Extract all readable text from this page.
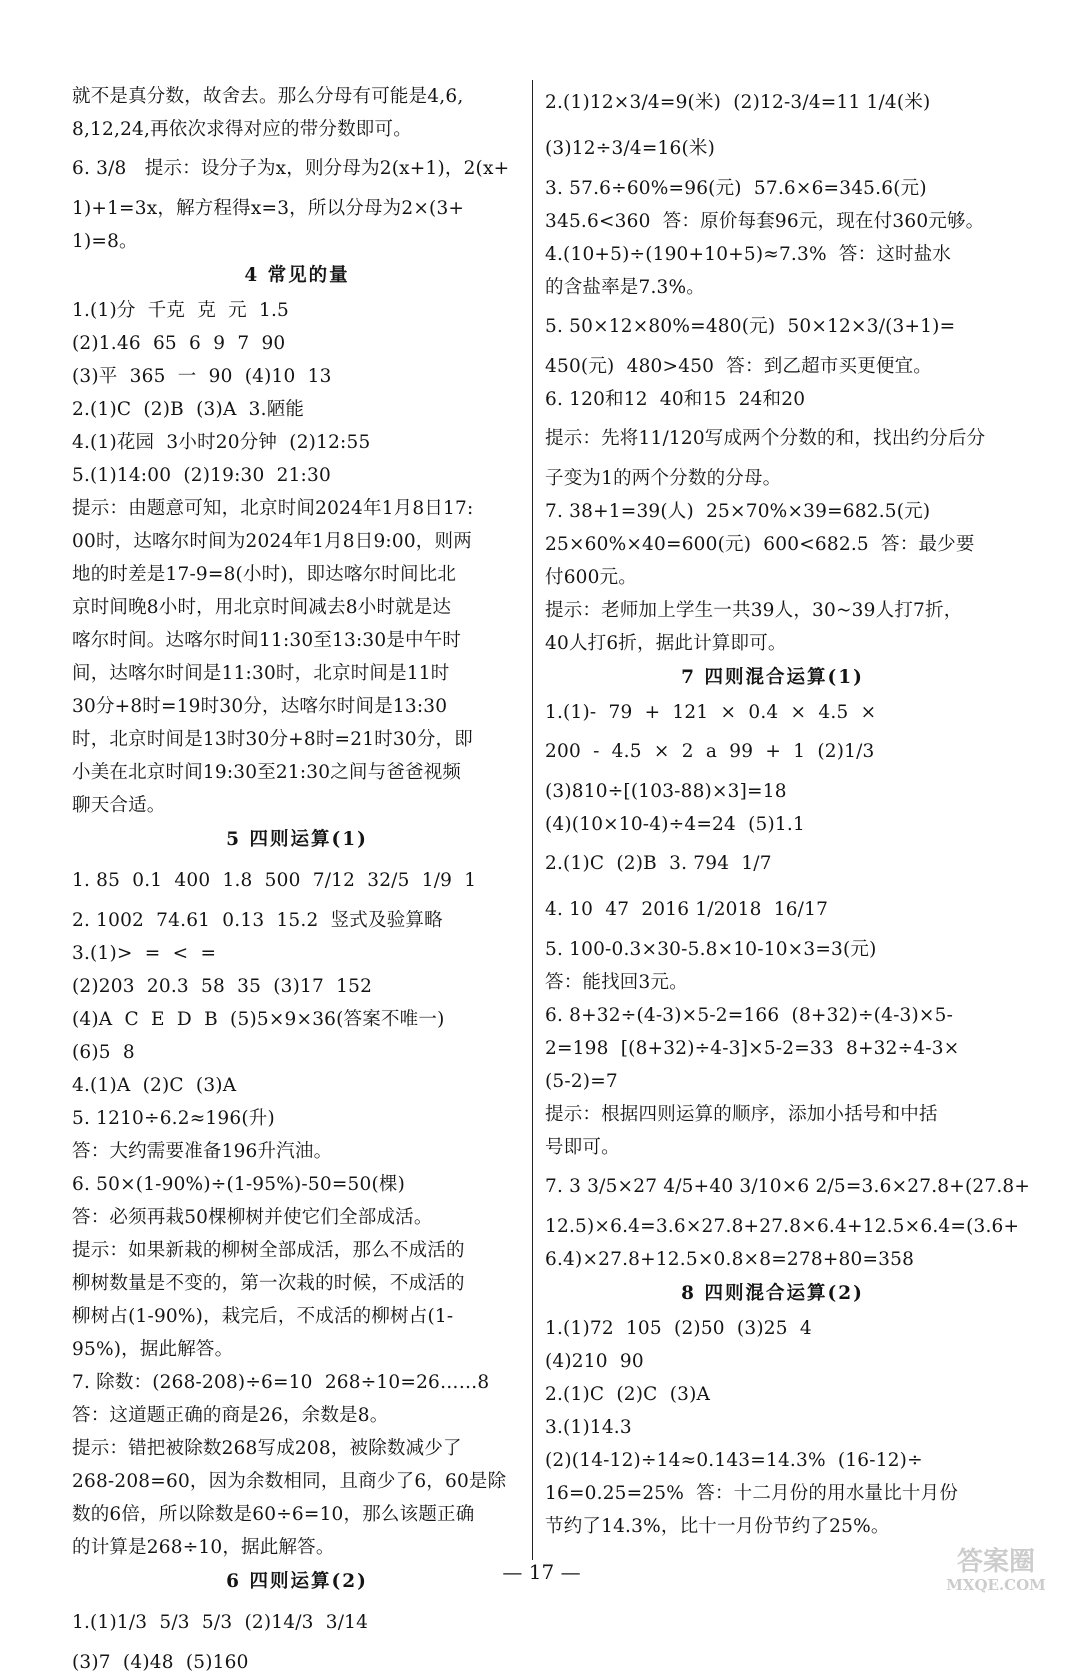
就不是真分数，故舍去。那么分母有可能是4,6,
8,12,24,再依次求得对应的带分数即可。
6. 3/8   提示：设分子为x，则分母为2(x+1)，2(x+
1)+1=3x，解方程得x=3，所以分母为2×(3+
1)=8。
4 常见的量
1.(1)分  千克  克  元  1.5
(2)1.46  65  6  9  7  90
(3)平  365  一  90  (4)10  13
2.(1)C  (2)B  (3)A  3.陋能
4.(1)花园  3小时20分钟  (2)12:55
5.(1)14:00  (2)19:30  21:30
提示：由题意可知，北京时间2024年1月8日17:
00时，达喀尔时间为2024年1月8日9:00，则两
地的时差是17-9=8(小时)，即达喀尔时间比北
京时间晚8小时，用北京时间减去8小时就是达
喀尔时间。达喀尔时间11:30至13:30是中午时
间，达喀尔时间是11:30时，北京时间是11时
30分+8时=19时30分，达喀尔时间是13:30
时，北京时间是13时30分+8时=21时30分，即
小美在北京时间19:30至21:30之间与爸爸视频
聊天合适。
5 四则运算(1)
1. 85  0.1  400  1.8  500  7/12  32/5  1/9  1
2. 1002  74.61  0.13  15.2  竖式及验算略
3.(1)>  =  <  =
(2)203  20.3  58  35  (3)17  152
(4)A  C  E  D  B  (5)5×9×36(答案不唯一)
(6)5  8
4.(1)A  (2)C  (3)A
5. 1210÷6.2≈196(升)
答：大约需要准备196升汽油。
6. 50×(1-90%)÷(1-95%)-50=50(棵)
答：必须再栽50棵柳树并使它们全部成活。
提示：如果新栽的柳树全部成活，那么不成活的
柳树数量是不变的，第一次栽的时候，不成活的
柳树占(1-90%)，栽完后，不成活的柳树占(1-
95%)，据此解答。
7. 除数：(268-208)÷6=10  268÷10=26……8
答：这道题正确的商是26，余数是8。
提示：错把被除数268写成208，被除数减少了
268-208=60，因为余数相同，且商少了6，60是除
数的6倍，所以除数是60÷6=10，那么该题正确
的计算是268÷10，据此解答。
6 四则运算(2)
1.(1)1/3  5/3  5/3  (2)14/3  3/14
(3)7  (4)48  (5)160
2.(1)12×3/4=9(米)  (2)12-3/4=11 1/4(米)
(3)12÷3/4=16(米)
3. 57.6÷60%=96(元)  57.6×6=345.6(元)
345.6<360  答：原价每套96元，现在付360元够。
4.(10+5)÷(190+10+5)≈7.3%  答：这时盐水
的含盐率是7.3%。
5. 50×12×80%=480(元)  50×12×3/(3+1)=
450(元)  480>450  答：到乙超市买更便宜。
6. 120和12  40和15  24和20
提示：先将11/120写成两个分数的和，找出约分后分
子变为1的两个分数的分母。
7. 38+1=39(人)  25×70%×39=682.5(元)
25×60%×40=600(元)  600<682.5  答：最少要
付600元。
提示：老师加上学生一共39人，30~39人打7折，
40人打6折，据此计算即可。
7 四则混合运算(1)
1.(1)-  79  +  121  ×  0.4  ×  4.5  ×
200  -  4.5  ×  2  a  99  +  1  (2)1/3
(3)810÷[(103-88)×3]=18
(4)(10×10-4)÷4=24  (5)1.1
2.(1)C  (2)B  3. 794  1/7
4. 10  47  2016 1/2018  16/17
5. 100-0.3×30-5.8×10-10×3=3(元)
答：能找回3元。
6. 8+32÷(4-3)×5-2=166  (8+32)÷(4-3)×5-
2=198  [(8+32)÷4-3]×5-2=33  8+32÷4-3×
(5-2)=7
提示：根据四则运算的顺序，添加小括号和中括
号即可。
7. 3 3/5×27 4/5+40 3/10×6 2/5=3.6×27.8+(27.8+
12.5)×6.4=3.6×27.8+27.8×6.4+12.5×6.4=(3.6+
6.4)×27.8+12.5×0.8×8=278+80=358
8 四则混合运算(2)
1.(1)72  105  (2)50  (3)25  4
(4)210  90
2.(1)C  (2)C  (3)A
3.(1)14.3
(2)(14-12)÷14≈0.143=14.3%  (16-12)÷
16=0.25=25%  答：十二月份的用水量比十月份
节约了14.3%，比十一月份节约了25%。
— 17 —	答案圈
MXQE.COM
